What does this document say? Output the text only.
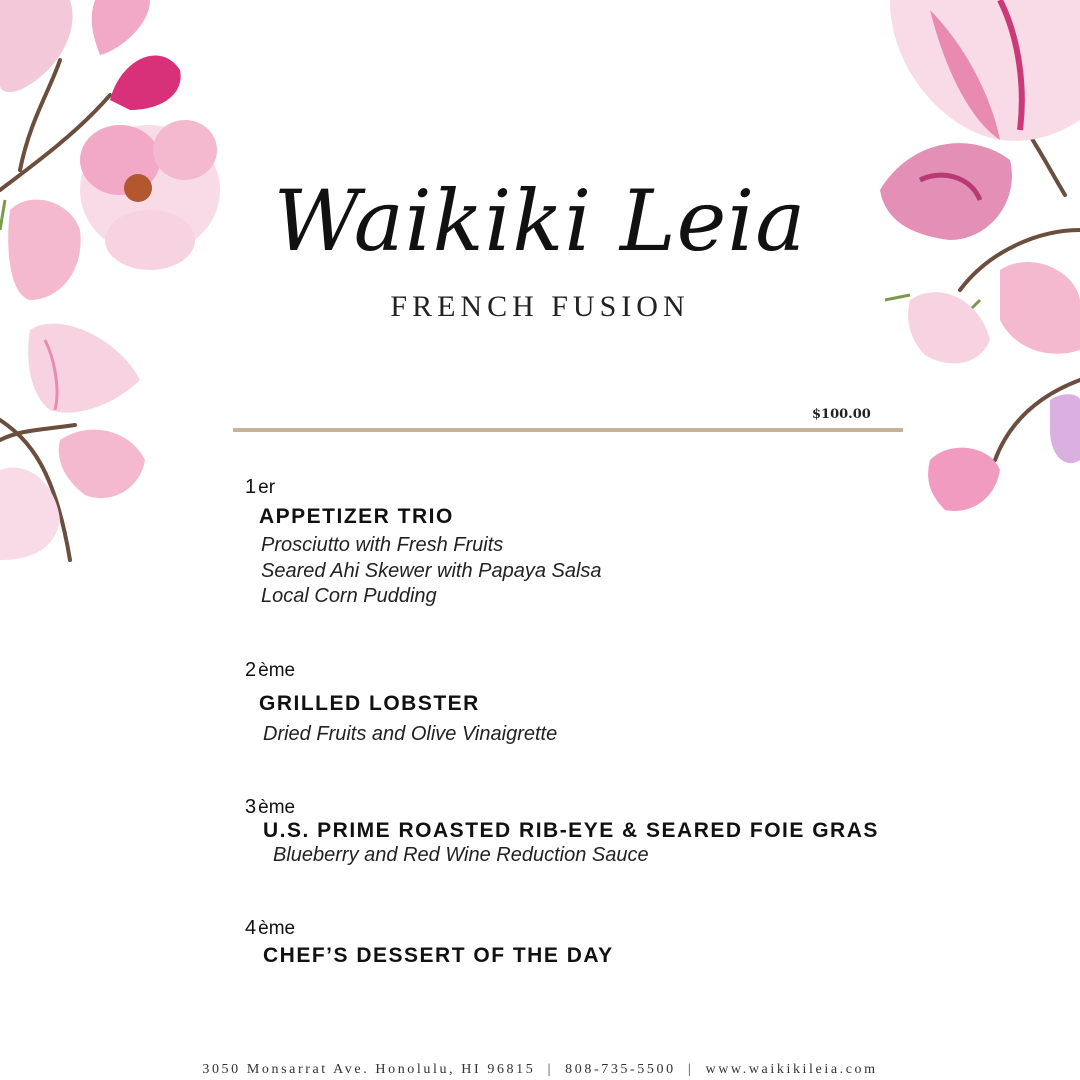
Waikiki Leia
FRENCH FUSION
$100.00
1 er
APPETIZER TRIO
Prosciutto with Fresh Fruits
Seared Ahi Skewer with Papaya Salsa
Local Corn Pudding
2 ème
GRILLED LOBSTER
Dried Fruits and Olive Vinaigrette
3 ème
U.S. PRIME ROASTED RIB-EYE & SEARED FOIE GRAS
Blueberry and Red Wine Reduction Sauce
4 ème
CHEF’S DESSERT OF THE DAY
3050 Monsarrat Ave. Honolulu, HI 96815 | 808-735-5500 | www.waikikileia.com
